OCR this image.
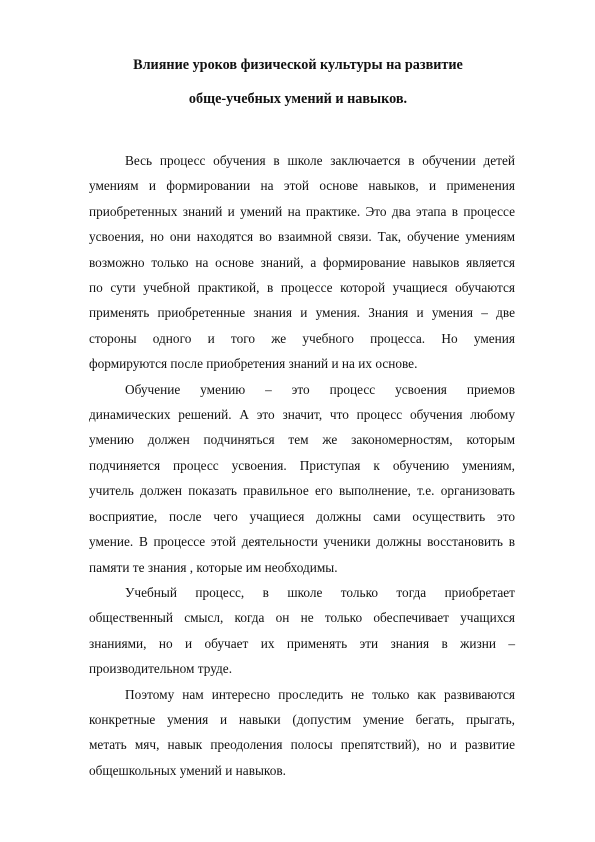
Влияние уроков физической культуры на развитие
обще-учебных умений и навыков.

Весь процесс обучения в школе заключается в обучении детей
умениям и формировании на этой основе навыков, и применения
приобретенных знаний и умений на практике. Это два этапа в процессе
усвоения, но они находятся во взаимной связи. Так, обучение умениям
возможно только на основе знаний, а формирование навыков является
по сути учебной практикой, в процессе которой учащиеся обучаются
применять приобретенные знания и умения. Знания и умения – две
стороны одного и того же учебного процесса. Но умения
формируются после приобретения знаний и на их основе.

Обучение умению – это процесс усвоения приемов
динамических решений. А это значит, что процесс обучения любому
умению должен подчиняться тем же закономерностям, которым
подчиняется процесс усвоения. Приступая к обучению умениям,
учитель должен показать правильное его выполнение, т.е. организовать
восприятие, после чего учащиеся должны сами осуществить это
умение. В процессе этой деятельности ученики должны восстановить в
памяти те знания , которые им необходимы.

Учебный процесс, в школе только тогда приобретает
общественный смысл, когда он не только обеспечивает учащихся
знаниями, но и обучает их применять эти знания в жизни –
производительном труде.

Поэтому нам интересно проследить не только как развиваются
конкретные умения и навыки (допустим умение бегать, прыгать,
метать мяч, навык преодоления полосы препятствий), но и развитие
общешкольных умений и навыков.
